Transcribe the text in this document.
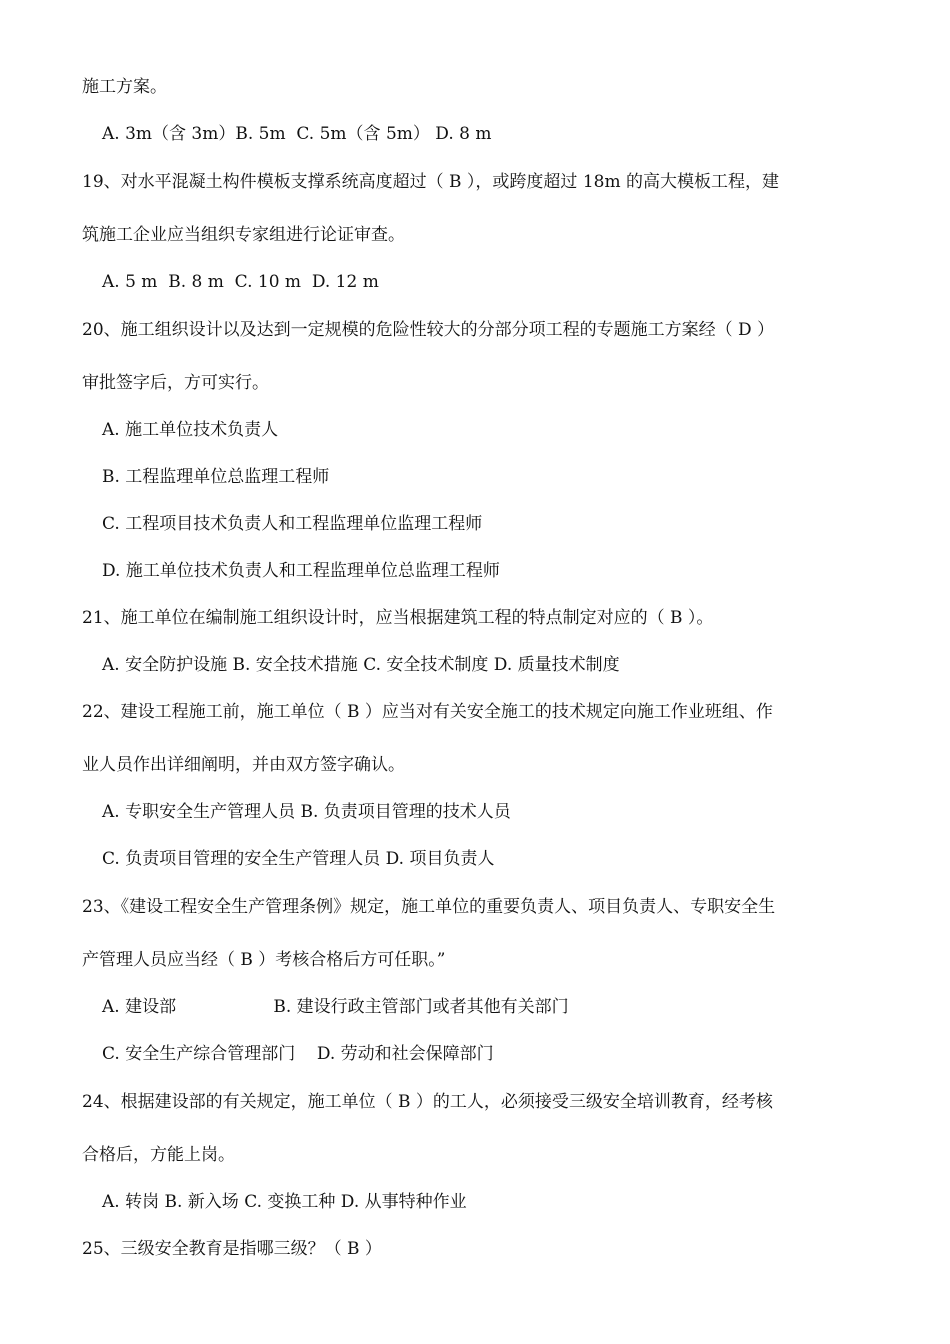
施工方案。
A. 3m（含 3m）B. 5m  C. 5m（含 5m） D. 8 m
19、对水平混凝土构件模板支撑系统高度超过（ B ），或跨度超过 18m 的高大模板工程，建
筑施工企业应当组织专家组进行论证审查。
A. 5 m  B. 8 m  C. 10 m  D. 12 m
20、施工组织设计以及达到一定规模的危险性较大的分部分项工程的专题施工方案经（ D ）
审批签字后，方可实行。
A. 施工单位技术负责人
B. 工程监理单位总监理工程师
C. 工程项目技术负责人和工程监理单位监理工程师
D. 施工单位技术负责人和工程监理单位总监理工程师
21、施工单位在编制施工组织设计时，应当根据建筑工程的特点制定对应的（ B ）。
A. 安全防护设施 B. 安全技术措施 C. 安全技术制度 D. 质量技术制度
22、建设工程施工前，施工单位（ B ）应当对有关安全施工的技术规定向施工作业班组、作
业人员作出详细阐明，并由双方签字确认。
A. 专职安全生产管理人员 B. 负责项目管理的技术人员
C. 负责项目管理的安全生产管理人员 D. 项目负责人
23、《建设工程安全生产管理条例》规定，施工单位的重要负责人、项目负责人、专职安全生
产管理人员应当经（ B ）考核合格后方可任职。”
A. 建设部                  B. 建设行政主管部门或者其他有关部门
C. 安全生产综合管理部门    D. 劳动和社会保障部门
24、根据建设部的有关规定，施工单位（ B ）的工人，必须接受三级安全培训教育，经考核
合格后，方能上岗。
A. 转岗 B. 新入场 C. 变换工种 D. 从事特种作业
25、三级安全教育是指哪三级？（ B ）
